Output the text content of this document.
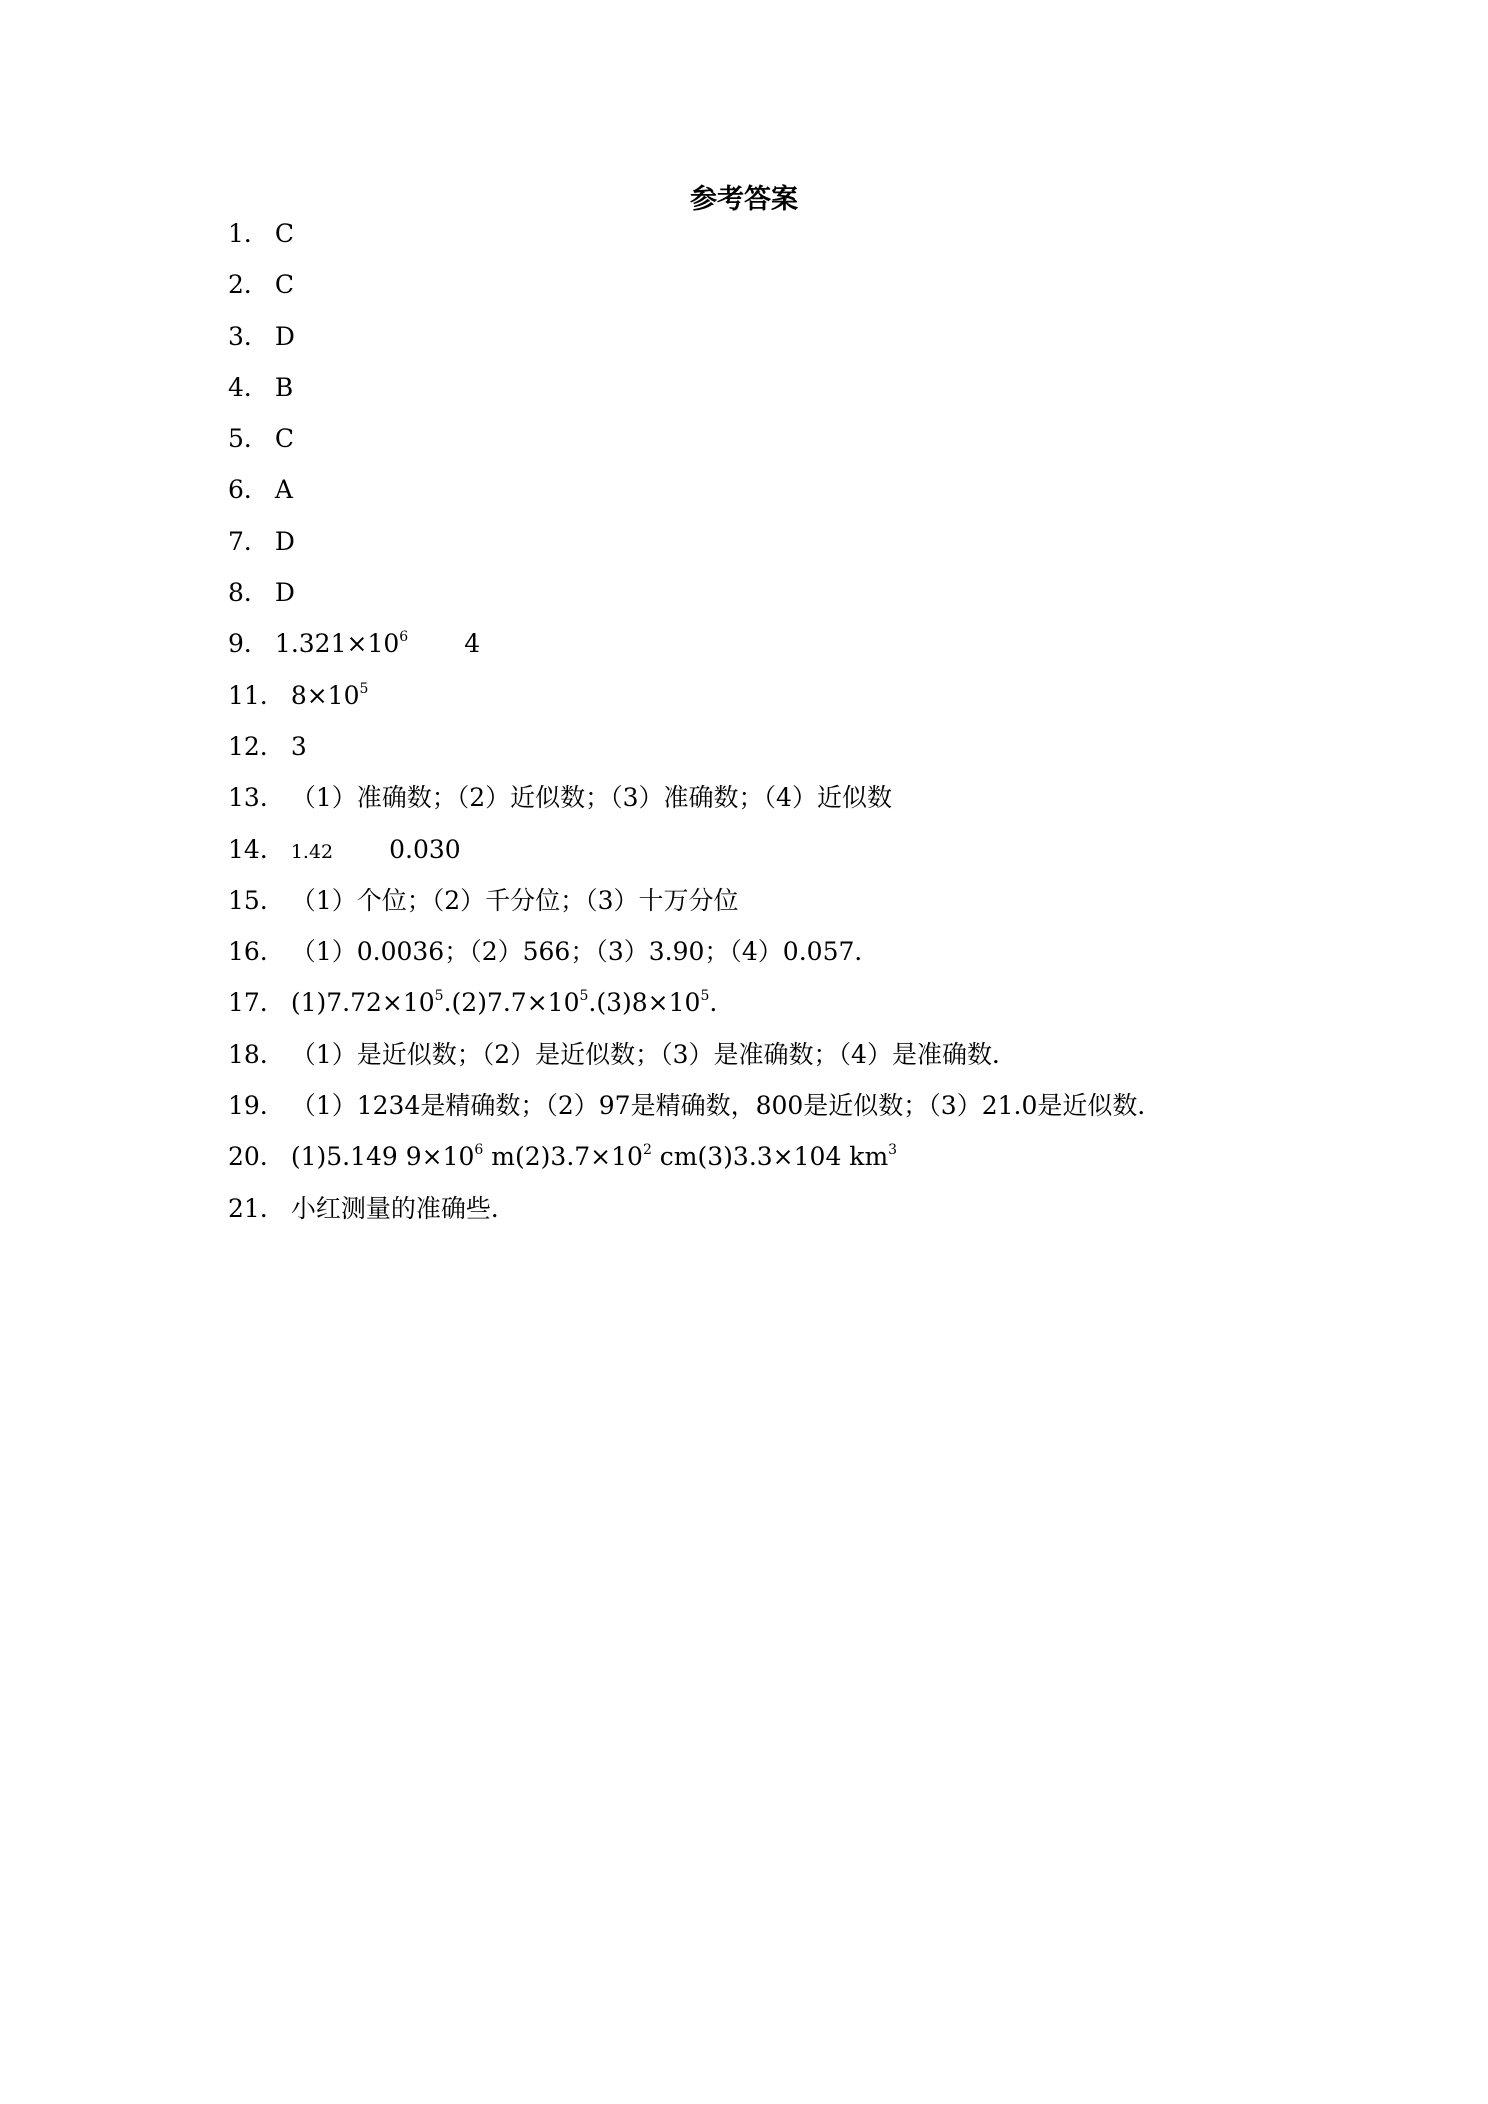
参考答案
1． C
2． C
3． D
4． B
5． C
6． A
7． D
8． D
9． $1.321\times 10^6$ 4
11． $8\times 10^5$
12． 3
13． （1）准确数；（2）近似数；（3）准确数；（4）近似数
14． 1.42 0.030
15． （1）个位；（2）千分位；（3）十万分位
16． （1）0.0036；（2）566；（3）3.90；（4）0.057．
17． $(1)7.72\times 10^5.(2)7.7\times 10^5.(3)8\times 10^5$.
18． （1）是近似数；（2）是近似数；（3）是准确数；（4）是准确数．
19． （1）1234是精确数；（2）97是精确数，800是近似数；（3）21.0是近似数．
20． (1)5.149 $9\times 10^6$ $m(2)3.7\times 10^2$ cm(3)3.3×104 $km^3$
21． 小红测量的准确些．
